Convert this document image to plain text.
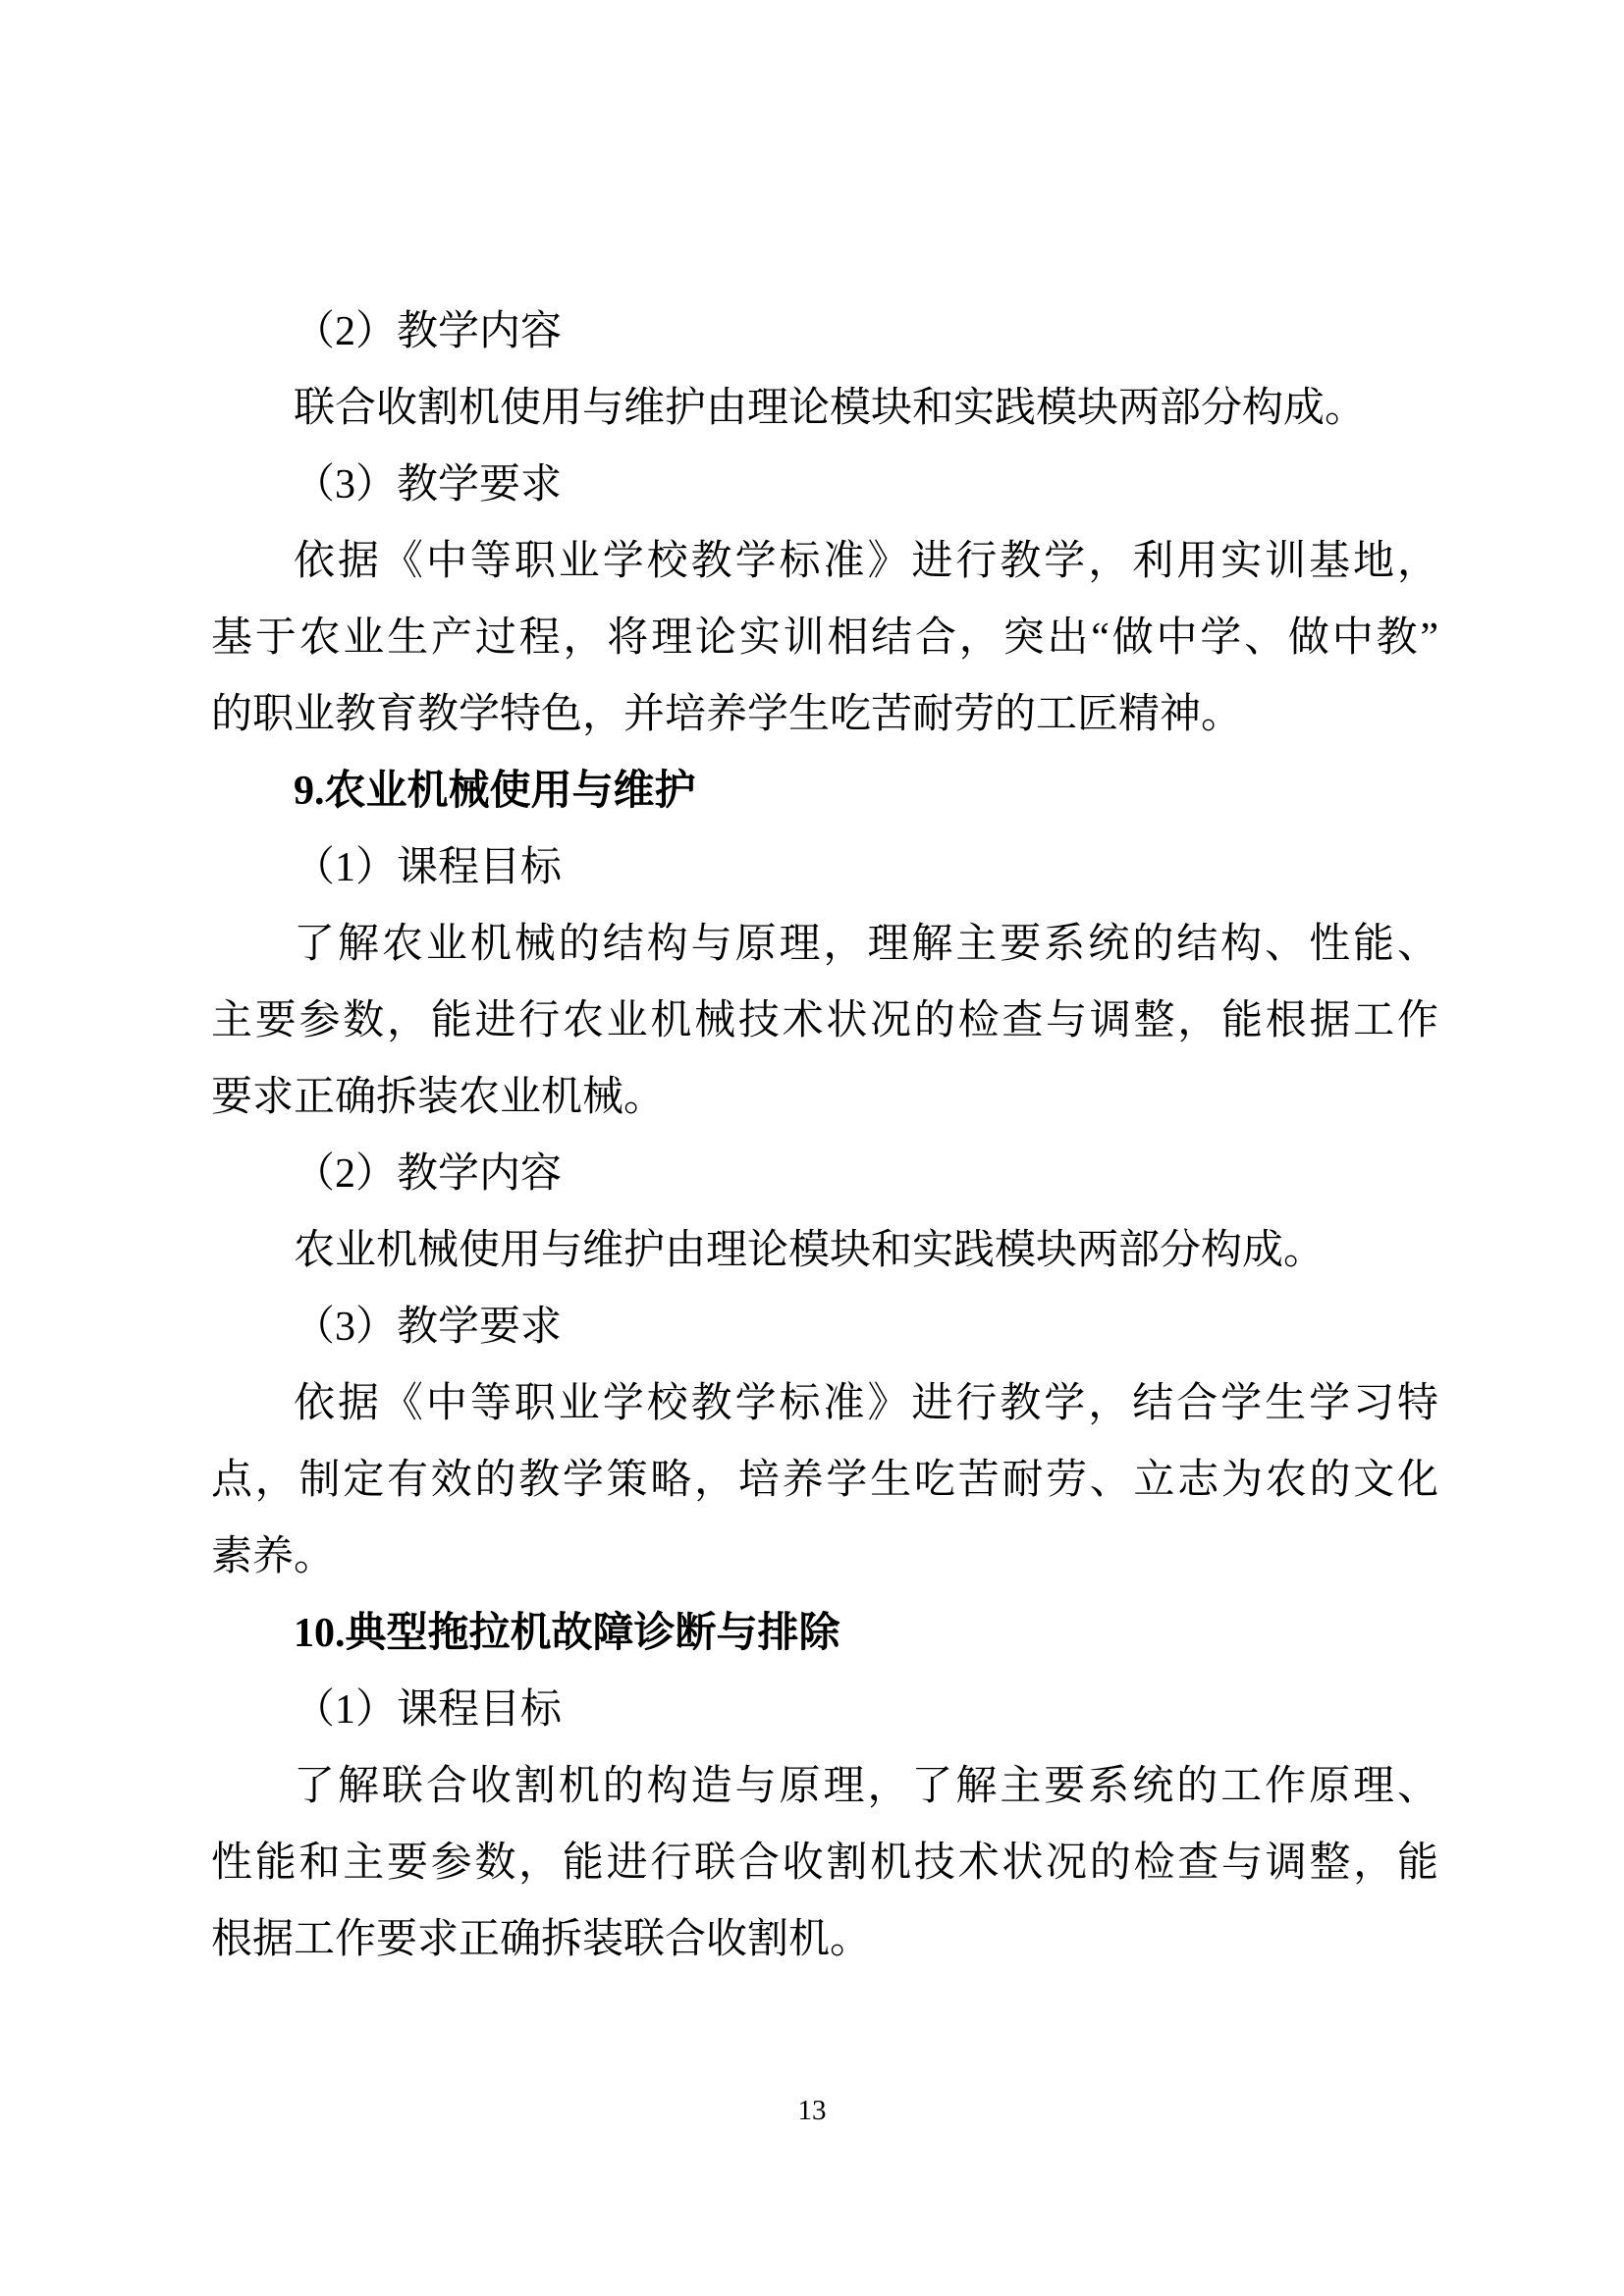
（2）教学内容
联合收割机使用与维护由理论模块和实践模块两部分构成。
（3）教学要求
依据《中等职业学校教学标准》进行教学，利用实训基地，
基于农业生产过程，将理论实训相结合，突出“做中学、做中教”
的职业教育教学特色，并培养学生吃苦耐劳的工匠精神。
9.农业机械使用与维护
（1）课程目标
了解农业机械的结构与原理，理解主要系统的结构、性能、
主要参数，能进行农业机械技术状况的检查与调整，能根据工作
要求正确拆装农业机械。
（2）教学内容
农业机械使用与维护由理论模块和实践模块两部分构成。
（3）教学要求
依据《中等职业学校教学标准》进行教学，结合学生学习特
点，制定有效的教学策略，培养学生吃苦耐劳、立志为农的文化
素养。
10.典型拖拉机故障诊断与排除
（1）课程目标
了解联合收割机的构造与原理，了解主要系统的工作原理、
性能和主要参数，能进行联合收割机技术状况的检查与调整，能
根据工作要求正确拆装联合收割机。
13
